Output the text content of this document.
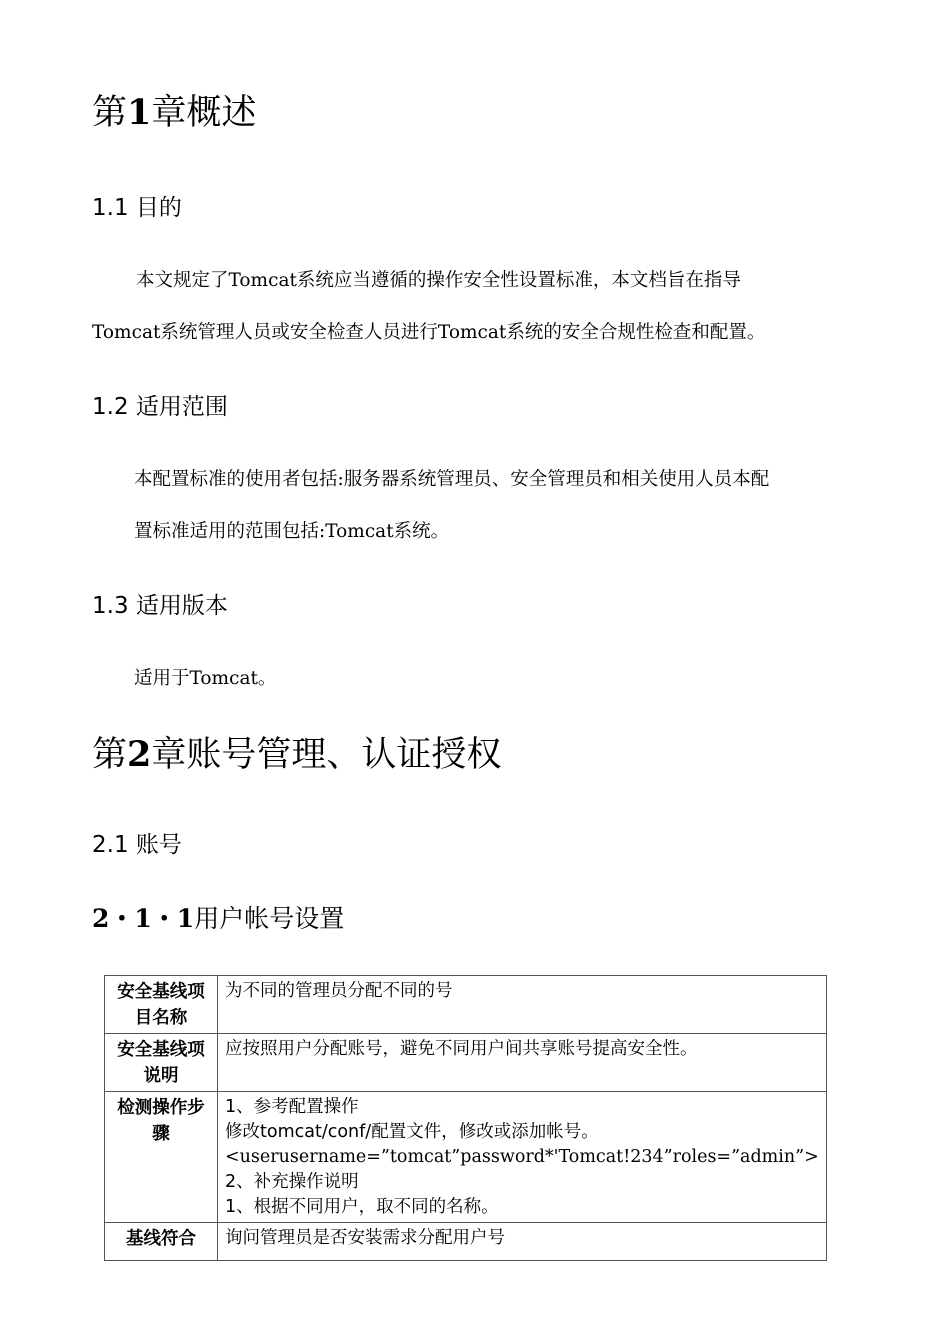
第1章概述
1.1 目的
本文规定了Tomcat系统应当遵循的操作安全性设置标准，本文档旨在指导
Tomcat系统管理人员或安全检查人员进行Tomcat系统的安全合规性检查和配置。
1.2 适用范围
本配置标准的使用者包括:服务器系统管理员、安全管理员和相关使用人员本配
置标准适用的范围包括:Tomcat系统。
1.3 适用版本
适用于Tomcat。
第2章账号管理、认证授权
2.1 账号
2・1・1用户帐号设置
安全基线项目名称	为不同的管理员分配不同的号
安全基线项说明	应按照用户分配账号，避免不同用户间共享账号提高安全性。
检测操作步骤	1、参考配置操作
修改tomcat/conf/配置文件，修改或添加帐号。
<userusername=”tomcat”password*'Tomcat!234”roles=”admin”>
2、补充操作说明
1、根据不同用户，取不同的名称。

基线符合	询问管理员是否安装需求分配用户号
